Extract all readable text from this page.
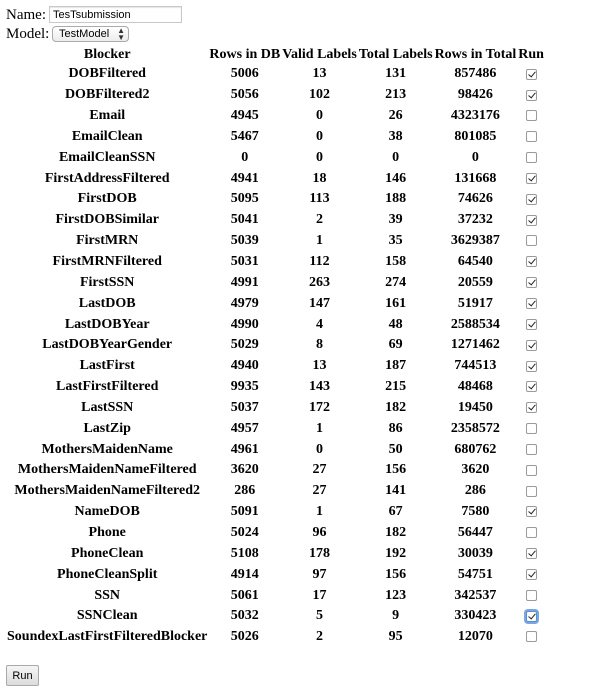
Name:
TesTsubmission
Model: TestModel ▲
▼
Blocker	Rows in DB	Valid Labels	Total Labels	Rows in Total	Run
DOBFiltered	5006	13	131	857486	
DOBFiltered2	5056	102	213	98426	
Email	4945	0	26	4323176	
EmailClean	5467	0	38	801085	
EmailCleanSSN	0	0	0	0	
FirstAddressFiltered	4941	18	146	131668	
FirstDOB	5095	113	188	74626	
FirstDOBSimilar	5041	2	39	37232	
FirstMRN	5039	1	35	3629387	
FirstMRNFiltered	5031	112	158	64540	
FirstSSN	4991	263	274	20559	
LastDOB	4979	147	161	51917	
LastDOBYear	4990	4	48	2588534	
LastDOBYearGender	5029	8	69	1271462	
LastFirst	4940	13	187	744513	
LastFirstFiltered	9935	143	215	48468	
LastSSN	5037	172	182	19450	
LastZip	4957	1	86	2358572	
MothersMaidenName	4961	0	50	680762	
MothersMaidenNameFiltered	3620	27	156	3620	
MothersMaidenNameFiltered2	286	27	141	286	
NameDOB	5091	1	67	7580	
Phone	5024	96	182	56447	
PhoneClean	5108	178	192	30039	
PhoneCleanSplit	4914	97	156	54751	
SSN	5061	17	123	342537	
SSNClean	5032	5	9	330423	
SoundexLastFirstFilteredBlocker	5026	2	95	12070	
Run
